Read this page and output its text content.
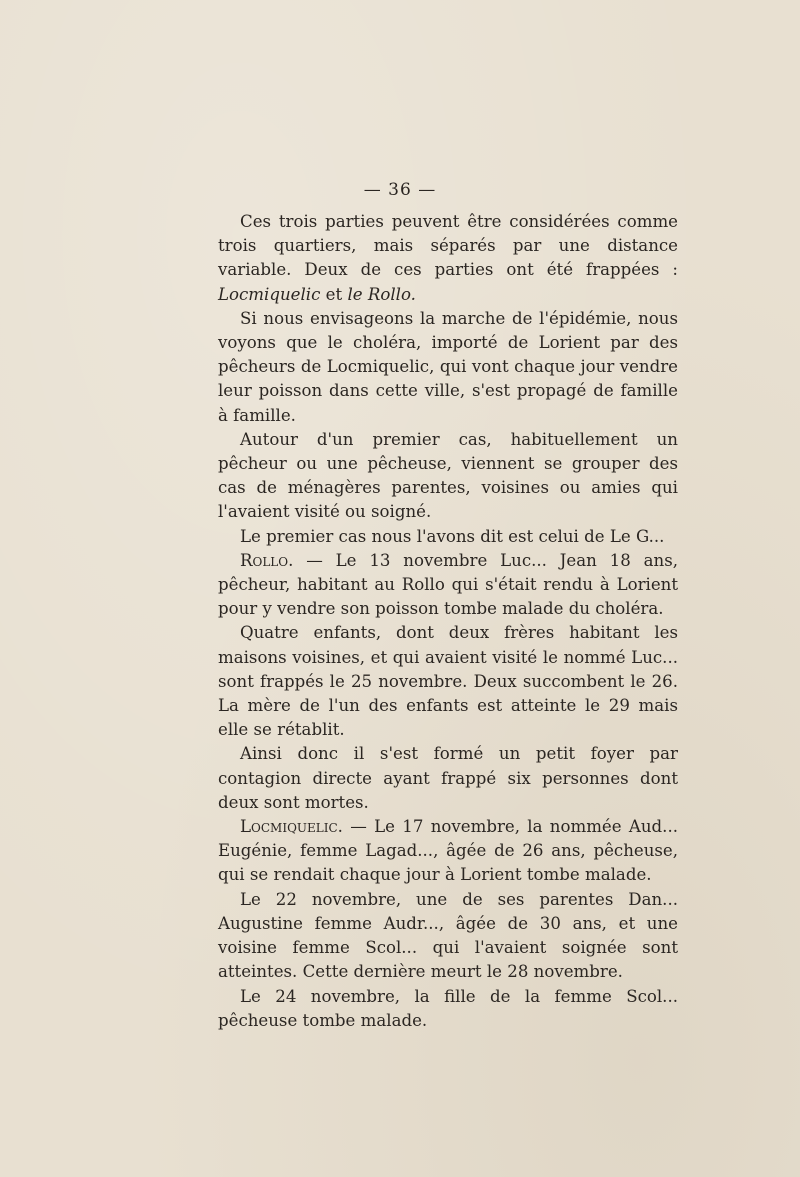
— 36 —

Ces trois parties peuvent être considérées comme trois quartiers, mais séparés par une distance variable. Deux de ces parties ont été frappées : Locmiquelic et le Rollo.

Si nous envisageons la marche de l'épidémie, nous voyons que le choléra, importé de Lorient par des pêcheurs de Locmiquelic, qui vont chaque jour vendre leur poisson dans cette ville, s'est propagé de famille à famille.

Autour d'un premier cas, habituellement un pêcheur ou une pêcheuse, viennent se grouper des cas de ménagères parentes, voisines ou amies qui l'avaient visité ou soigné.

Le premier cas nous l'avons dit est celui de Le G...

Rollo. — Le 13 novembre Luc... Jean 18 ans, pêcheur, habitant au Rollo qui s'était rendu à Lorient pour y vendre son poisson tombe malade du choléra.

Quatre enfants, dont deux frères habitant les maisons voisines, et qui avaient visité le nommé Luc... sont frappés le 25 novembre. Deux succombent le 26. La mère de l'un des enfants est atteinte le 29 mais elle se rétablit.

Ainsi donc il s'est formé un petit foyer par contagion directe ayant frappé six personnes dont deux sont mortes.

Locmiquelic. — Le 17 novembre, la nommée Aud... Eugénie, femme Lagad..., âgée de 26 ans, pêcheuse, qui se rendait chaque jour à Lorient tombe malade.

Le 22 novembre, une de ses parentes Dan... Augustine femme Audr..., âgée de 30 ans, et une voisine femme Scol... qui l'avaient soignée sont atteintes. Cette dernière meurt le 28 novembre.

Le 24 novembre, la fille de la femme Scol... pêcheuse tombe malade.
